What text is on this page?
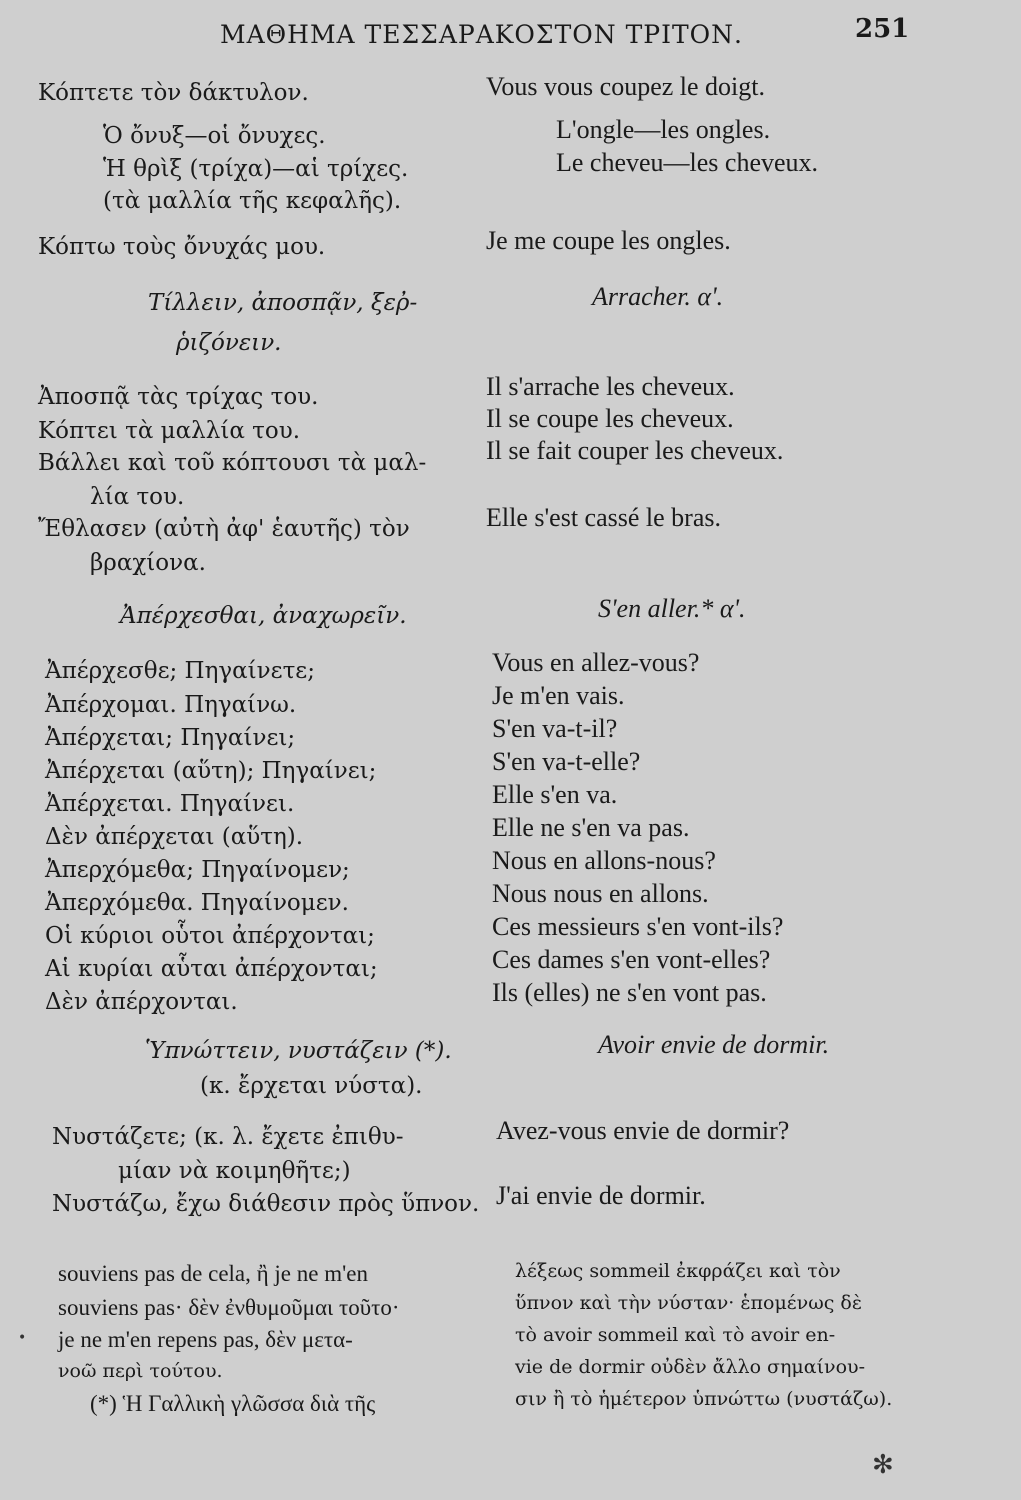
ΜΑΘΗΜΑ ΤΕΣΣΑΡΑΚΟΣΤΟΝ ΤΡΙΤΟΝ.	251
Κόπτετε τὸν δάκτυλον.
Ὁ ὄνυξ—οἱ ὄνυχες.
Ἡ θρὶξ (τρίχα)—αἱ τρίχες.
(τὰ μαλλία τῆς κεφαλῆς).
Κόπτω τοὺς ὄνυχάς μου.
Vous vous coupez le doigt.
L'ongle—les ongles.
Le cheveu—les cheveux.
Je me coupe les ongles.
Τίλλειν, ἀποσπᾷν, ξεῤ-
ῥιζόνειν.
Arracher. α'.
Ἀποσπᾷ τὰς τρίχας του.
Κόπτει τὰ μαλλία του.
Βάλλει καὶ τοῦ κόπτουσι τὰ μαλ-
λία του.
Ἔθλασεν (αὐτὴ ἀφ' ἑαυτῆς) τὸν
βραχίονα.
Il s'arrache les cheveux.
Il se coupe les cheveux.
Il se fait couper les cheveux.
Elle s'est cassé le bras.
Ἀπέρχεσθαι, ἀναχωρεῖν.	S'en aller.* α'.
Ἀπέρχεσθε; Πηγαίνετε;
Ἀπέρχομαι. Πηγαίνω.
Ἀπέρχεται; Πηγαίνει;
Ἀπέρχεται (αὕτη); Πηγαίνει;
Ἀπέρχεται. Πηγαίνει.
Δὲν ἀπέρχεται (αὕτη).
Ἀπερχόμεθα; Πηγαίνομεν;
Ἀπερχόμεθα. Πηγαίνομεν.
Οἱ κύριοι οὗτοι ἀπέρχονται;
Αἱ κυρίαι αὗται ἀπέρχονται;
Δὲν ἀπέρχονται.
Vous en allez-vous?
Je m'en vais.
S'en va-t-il?
S'en va-t-elle?
Elle s'en va.
Elle ne s'en va pas.
Nous en allons-nous?
Nous nous en allons.
Ces messieurs s'en vont-ils?
Ces dames s'en vont-elles?
Ils (elles) ne s'en vont pas.
Ὑπνώττειν, νυστάζειν (*).
(κ. ἔρχεται νύστα).
Avoir envie de dormir.
Νυστάζετε; (κ. λ. ἔχετε ἐπιθυ-
μίαν νὰ κοιμηθῆτε;)
Νυστάζω, ἔχω διάθεσιν πρὸς ὕπνον.
Avez-vous envie de dormir?
J'ai envie de dormir.
souviens pas de cela, ἢ je ne m'en
souviens pas· δὲν ἐνθυμοῦμαι τοῦτο·
je ne m'en repens pas, δὲν μετα-
νοῶ περὶ τούτου.
(*) Ἡ Γαλλικὴ γλῶσσα διὰ τῆς
λέξεως sommeil ἐκφράζει καὶ τὸν
ὕπνον καὶ τὴν νύσταν· ἑπομένως δὲ
τὸ avoir sommeil καὶ τὸ avoir en-
vie de dormir οὐδὲν ἄλλο σημαίνου-
σιν ἢ τὸ ἡμέτερον ὑπνώττω (νυστάζω).
•
✻
